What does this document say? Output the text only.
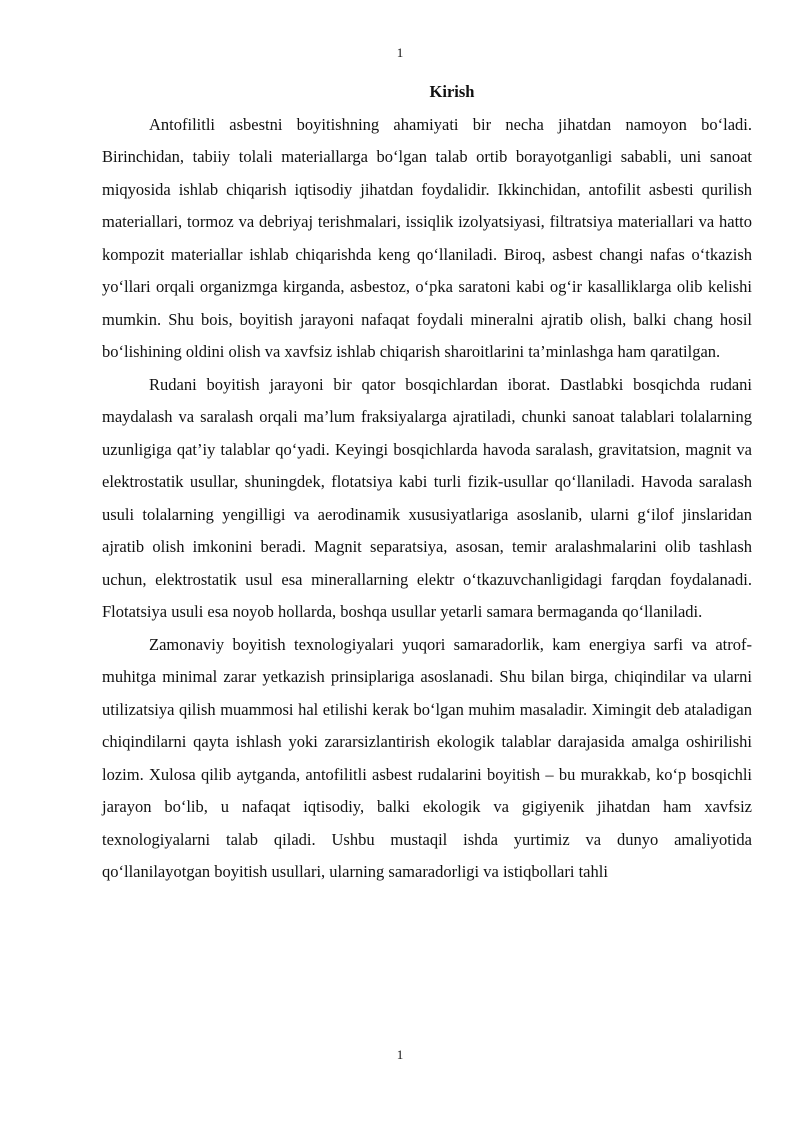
1

Kirish

Antofilitli asbestni boyitishning ahamiyati bir necha jihatdan namoyon bo‘ladi. Birinchidan, tabiiy tolali materiallarga bo‘lgan talab ortib borayotganligi sababli, uni sanoat miqyosida ishlab chiqarish iqtisodiy jihatdan foydalidir. Ikkinchidan, antofilit asbesti qurilish materiallari, tormoz va debriyaj terishmalari, issiqlik izolyatsiyasi, filtratsiya materiallari va hatto kompozit materiallar ishlab chiqarishda keng qo‘llaniladi. Biroq, asbest changi nafas o‘tkazish yo‘llari orqali organizmga kirganda, asbestoz, o‘pka saratoni kabi og‘ir kasalliklarga olib kelishi mumkin. Shu bois, boyitish jarayoni nafaqat foydali mineralni ajratib olish, balki chang hosil bo‘lishining oldini olish va xavfsiz ishlab chiqarish sharoitlarini ta’minlashga ham qaratilgan.

Rudani boyitish jarayoni bir qator bosqichlardan iborat. Dastlabki bosqichda rudani maydalash va saralash orqali ma’lum fraksiyalarga ajratiladi, chunki sanoat talablari tolalarning uzunligiga qat’iy talablar qo‘yadi. Keyingi bosqichlarda havoda saralash, gravitatsion, magnit va elektrostatik usullar, shuningdek, flotatsiya kabi turli fizik-usullar qo‘llaniladi. Havoda saralash usuli tolalarning yengilligi va aerodinamik xususiyatlariga asoslanib, ularni g‘ilof jinslaridan ajratib olish imkonini beradi. Magnit separatsiya, asosan, temir aralashmalarini olib tashlash uchun, elektrostatik usul esa minerallarning elektr o‘tkazuvchanligidagi farqdan foydalanadi. Flotatsiya usuli esa noyob hollarda, boshqa usullar yetarli samara bermaganda qo‘llaniladi.

Zamonaviy boyitish texnologiyalari yuqori samaradorlik, kam energiya sarfi va atrof-muhitga minimal zarar yetkazish prinsiplariga asoslanadi. Shu bilan birga, chiqindilar va ularni utilizatsiya qilish muammosi hal etilishi kerak bo‘lgan muhim masaladir. Ximingit deb ataladigan chiqindilarni qayta ishlash yoki zararsizlantirish ekologik talablar darajasida amalga oshirilishi lozim. Xulosa qilib aytganda, antofilitli asbest rudalarini boyitish – bu murakkab, ko‘p bosqichli jarayon bo‘lib, u nafaqat iqtisodiy, balki ekologik va gigiyenik jihatdan ham xavfsiz texnologiyalarni talab qiladi. Ushbu mustaqil ishda yurtimiz va dunyo amaliyotida qo‘llanilayotgan boyitish usullari, ularning samaradorligi va istiqbollari tahli

1
